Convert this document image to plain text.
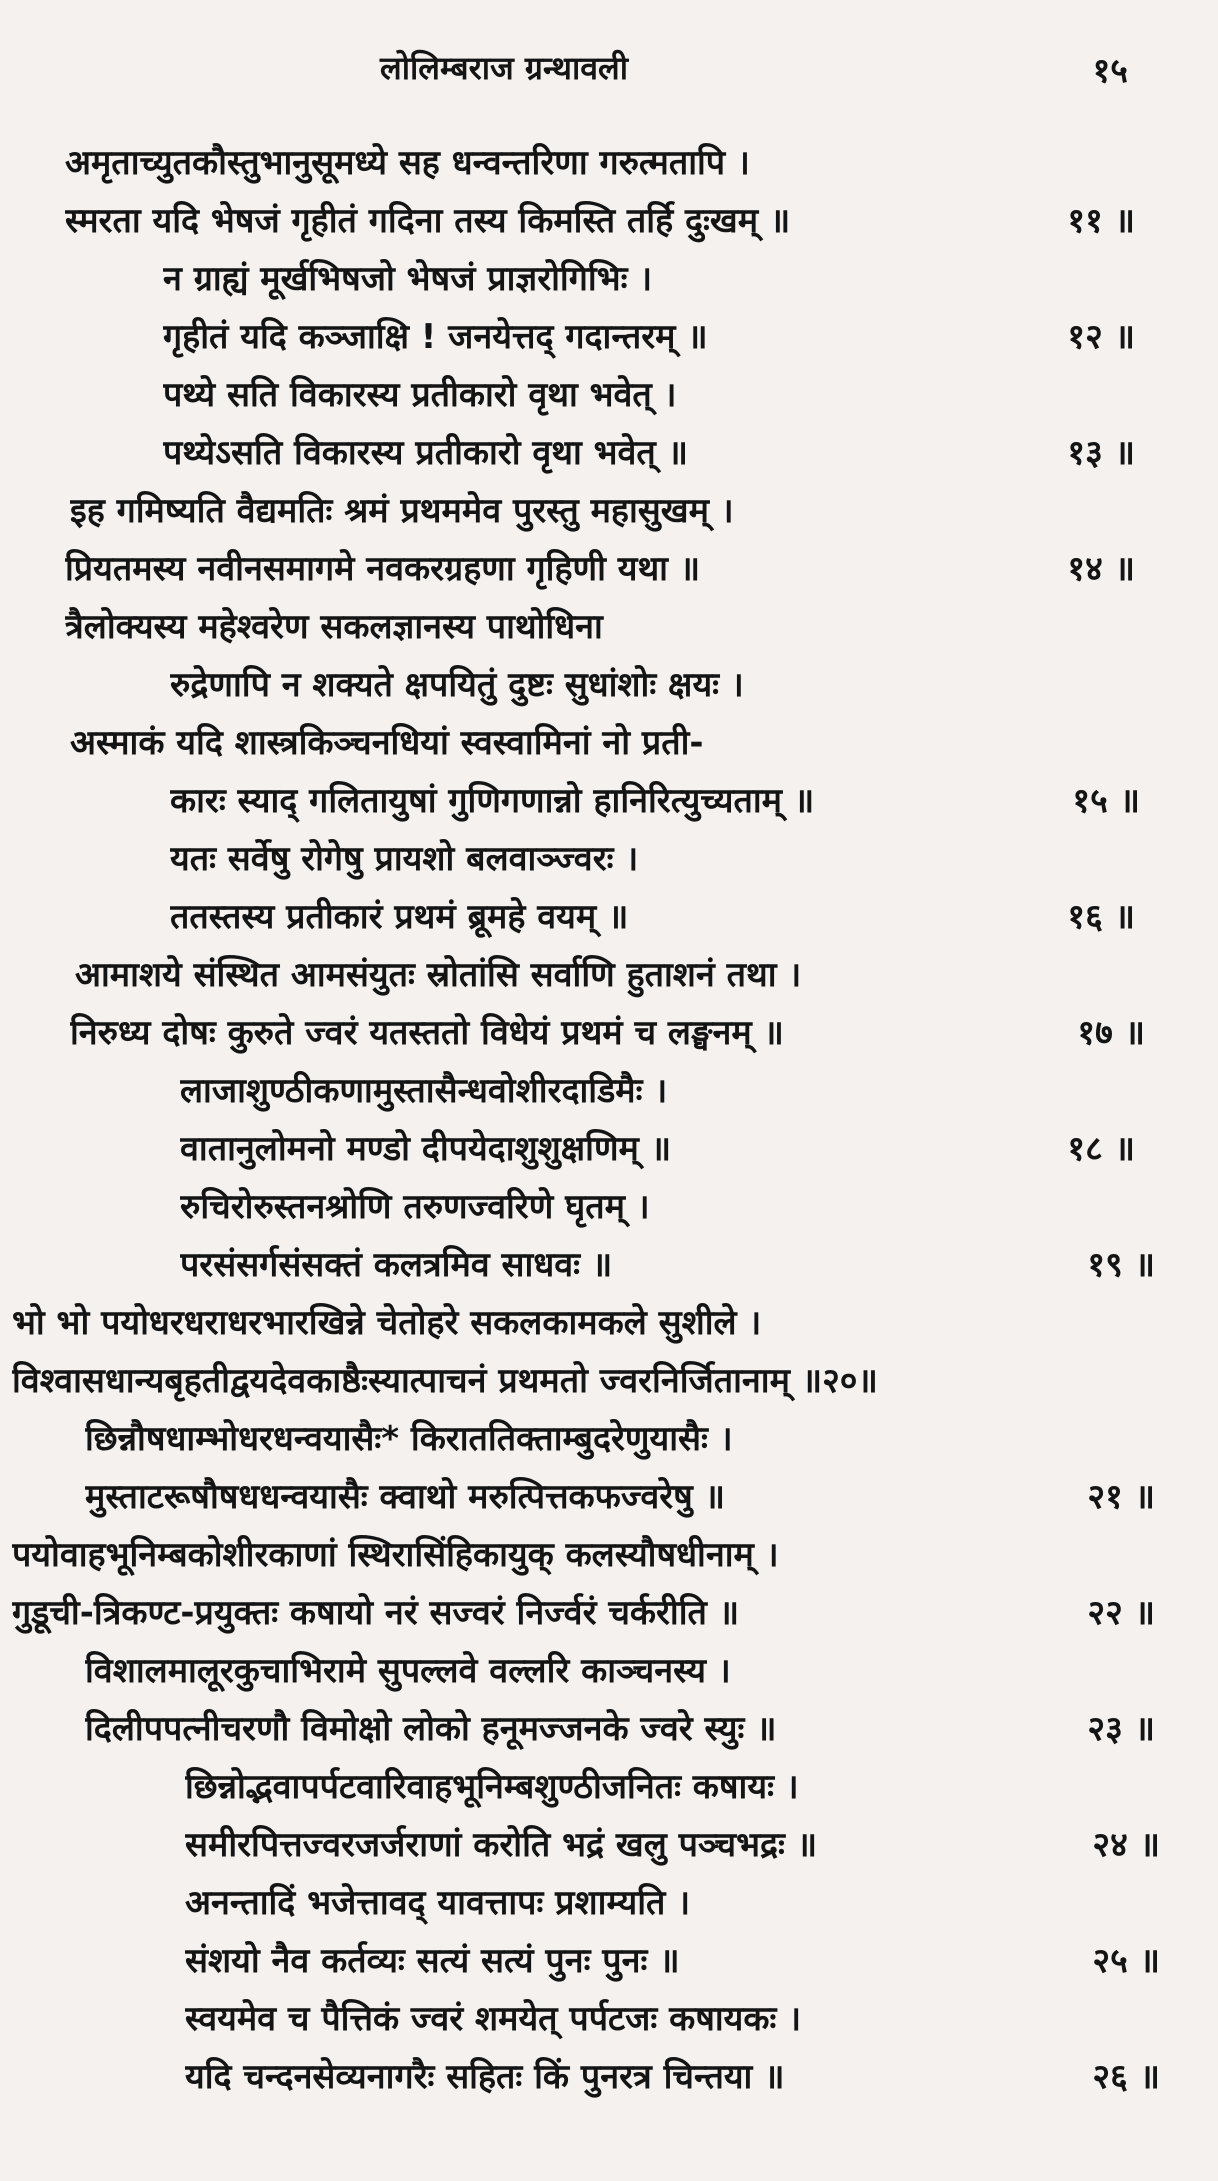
लोलिम्बराज ग्रन्थावली	१५
अमृताच्युतकौस्तुभानुसूमध्ये सह धन्वन्तरिणा गरुत्मतापि ।
स्मरता यदि भेषजं गृहीतं गदिना तस्य किमस्ति तर्हि दुःखम् ॥	११ ॥
न ग्राह्यं मूर्खभिषजो भेषजं प्राज्ञरोगिभिः ।
गृहीतं यदि कञ्जाक्षि ! जनयेत्तद् गदान्तरम् ॥	१२ ॥
पथ्ये सति विकारस्य प्रतीकारो वृथा भवेत् ।
पथ्येऽसति विकारस्य प्रतीकारो वृथा भवेत् ॥	१३ ॥
इह गमिष्यति वैद्यमतिः श्रमं प्रथममेव पुरस्तु महासुखम् ।
प्रियतमस्य नवीनसमागमे नवकरग्रहणा गृहिणी यथा ॥	१४ ॥
त्रैलोक्यस्य महेश्वरेण सकलज्ञानस्य पाथोधिना
रुद्रेणापि न शक्यते क्षपयितुं दुष्टः सुधांशोः क्षयः ।
अस्माकं यदि शास्त्रकिञ्चनधियां स्वस्वामिनां नो प्रती-
कारः स्याद् गलितायुषां गुणिगणान्नो हानिरित्युच्यताम् ॥	१५ ॥
यतः सर्वेषु रोगेषु प्रायशो बलवाञ्ज्वरः ।
ततस्तस्य प्रतीकारं प्रथमं ब्रूमहे वयम् ॥	१६ ॥
आमाशये संस्थित आमसंयुतः स्रोतांसि सर्वाणि हुताशनं तथा ।
निरुध्य दोषः कुरुते ज्वरं यतस्ततो विधेयं प्रथमं च लङ्घनम् ॥	१७ ॥
लाजाशुण्ठीकणामुस्तासैन्धवोशीरदाडिमैः ।
वातानुलोमनो मण्डो दीपयेदाशुशुक्षणिम् ॥	१८ ॥
रुचिरोरुस्तनश्रोणि तरुणज्वरिणे घृतम् ।
परसंसर्गसंसक्तं कलत्रमिव साधवः ॥	१९ ॥
भो भो पयोधरधराधरभारखिन्ने चेतोहरे सकलकामकले सुशीले ।
विश्वासधान्यबृहतीद्वयदेवकाष्ठैःस्यात्पाचनं प्रथमतो ज्वरनिर्जितानाम् ॥२०॥
छिन्नौषधाम्भोधरधन्वयासैः* किराततिक्ताम्बुदरेणुयासैः ।
मुस्ताटरूषौषधधन्वयासैः क्वाथो मरुत्पित्तकफज्वरेषु ॥	२१ ॥
पयोवाहभूनिम्बकोशीरकाणां स्थिरासिंहिकायुक् कलस्यौषधीनाम् ।
गुडूची-त्रिकण्ट-प्रयुक्तः कषायो नरं सज्वरं निर्ज्वरं चर्करीति ॥	२२ ॥
विशालमालूरकुचाभिरामे सुपल्लवे वल्लरि काञ्चनस्य ।
दिलीपपत्नीचरणौ विमोक्षो लोको हनूमज्जनके ज्वरे स्युः ॥	२३ ॥
छिन्नोद्भवापर्पटवारिवाहभूनिम्बशुण्ठीजनितः कषायः ।
समीरपित्तज्वरजर्जराणां करोति भद्रं खलु पञ्चभद्रः ॥	२४ ॥
अनन्तादिं भजेत्तावद् यावत्तापः प्रशाम्यति ।
संशयो नैव कर्तव्यः सत्यं सत्यं पुनः पुनः ॥	२५ ॥
स्वयमेव च पैत्तिकं ज्वरं शमयेत् पर्पटजः कषायकः ।
यदि चन्दनसेव्यनागरैः सहितः किं पुनरत्र चिन्तया ॥	२६ ॥
